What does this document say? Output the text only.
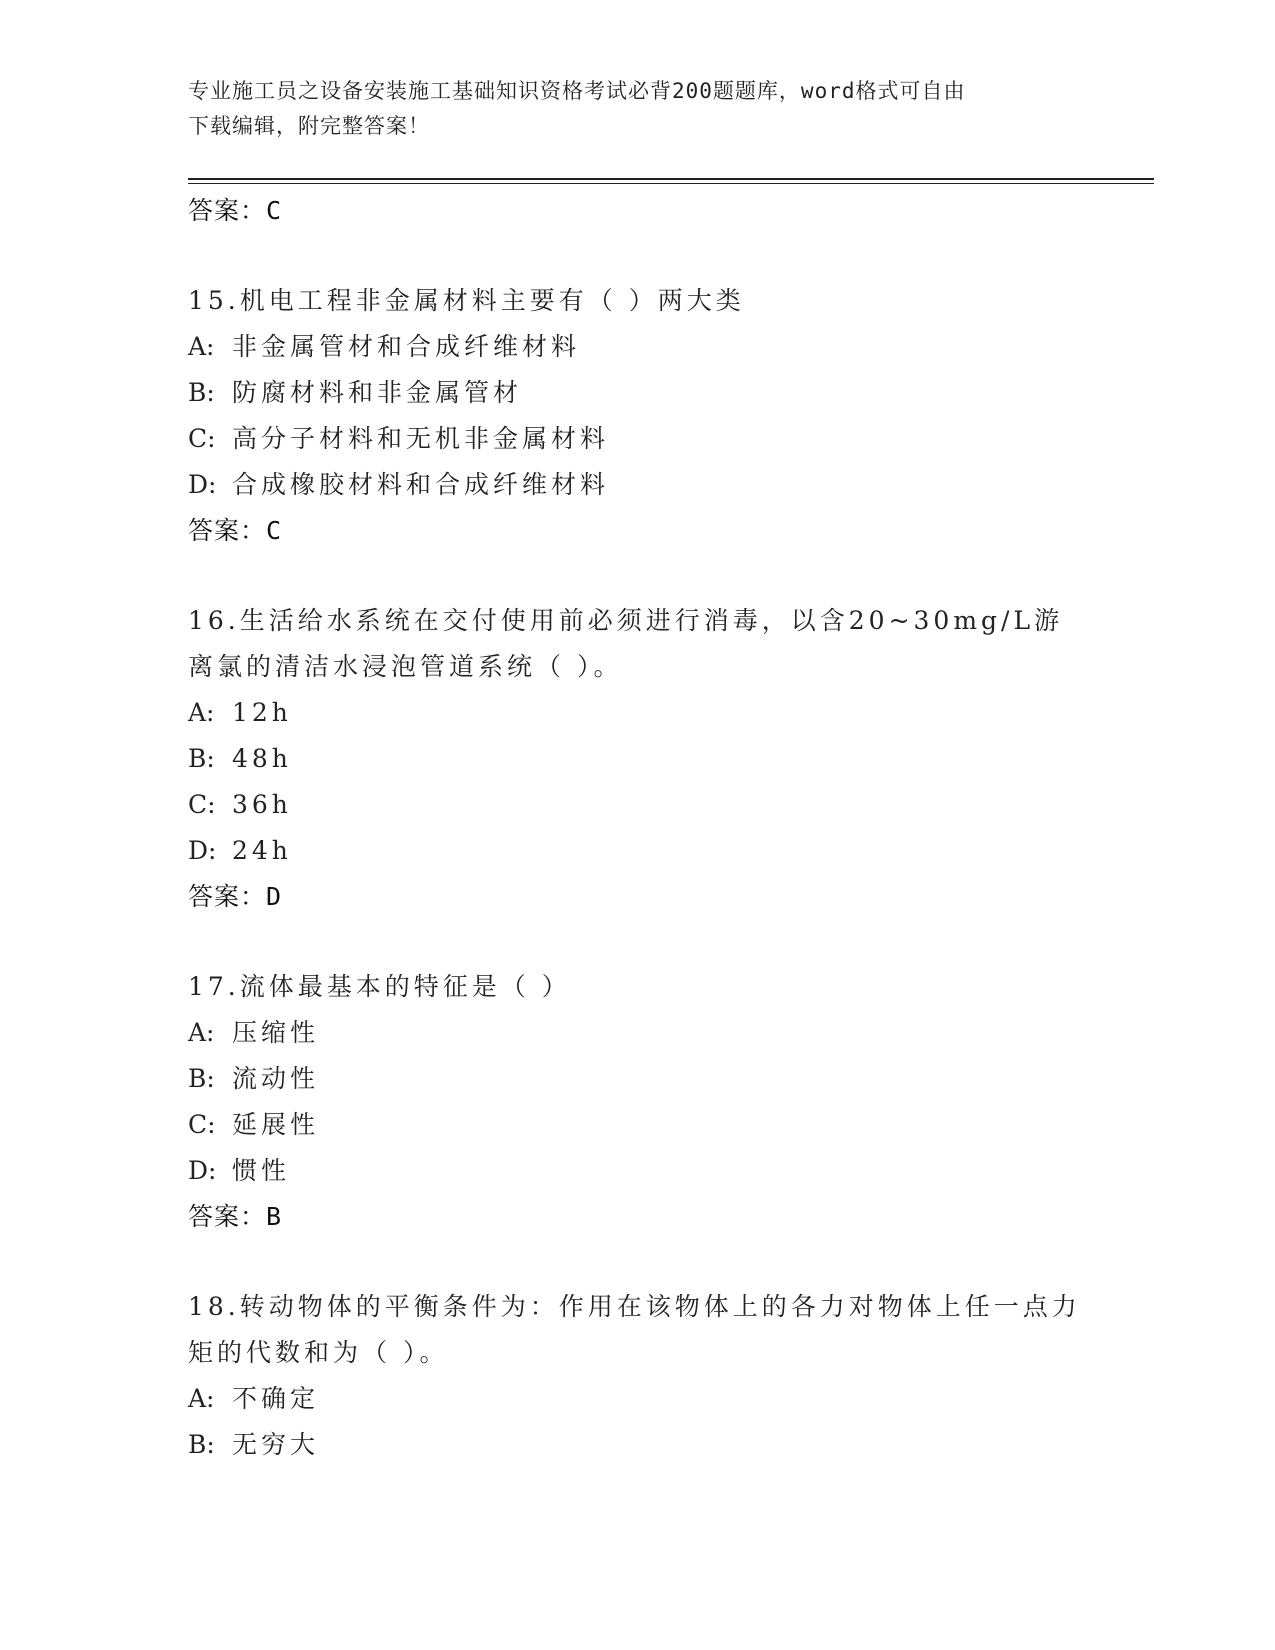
专业施工员之设备安装施工基础知识资格考试必背200题题库，word格式可自由
下载编辑，附完整答案！
答案：C
15.机电工程非金属材料主要有（ ）两大类
A: 非金属管材和合成纤维材料
B: 防腐材料和非金属管材
C: 高分子材料和无机非金属材料
D: 合成橡胶材料和合成纤维材料
答案：C
16.生活给水系统在交付使用前必须进行消毒，以含20~30mg/L游离氯的清洁水浸泡管道系统（ ）。
A: 12h
B: 48h
C: 36h
D: 24h
答案：D
17.流体最基本的特征是（ ）
A: 压缩性
B: 流动性
C: 延展性
D: 惯性
答案：B
18.转动物体的平衡条件为：作用在该物体上的各力对物体上任一点力矩的代数和为（ ）。
A: 不确定
B: 无穷大
